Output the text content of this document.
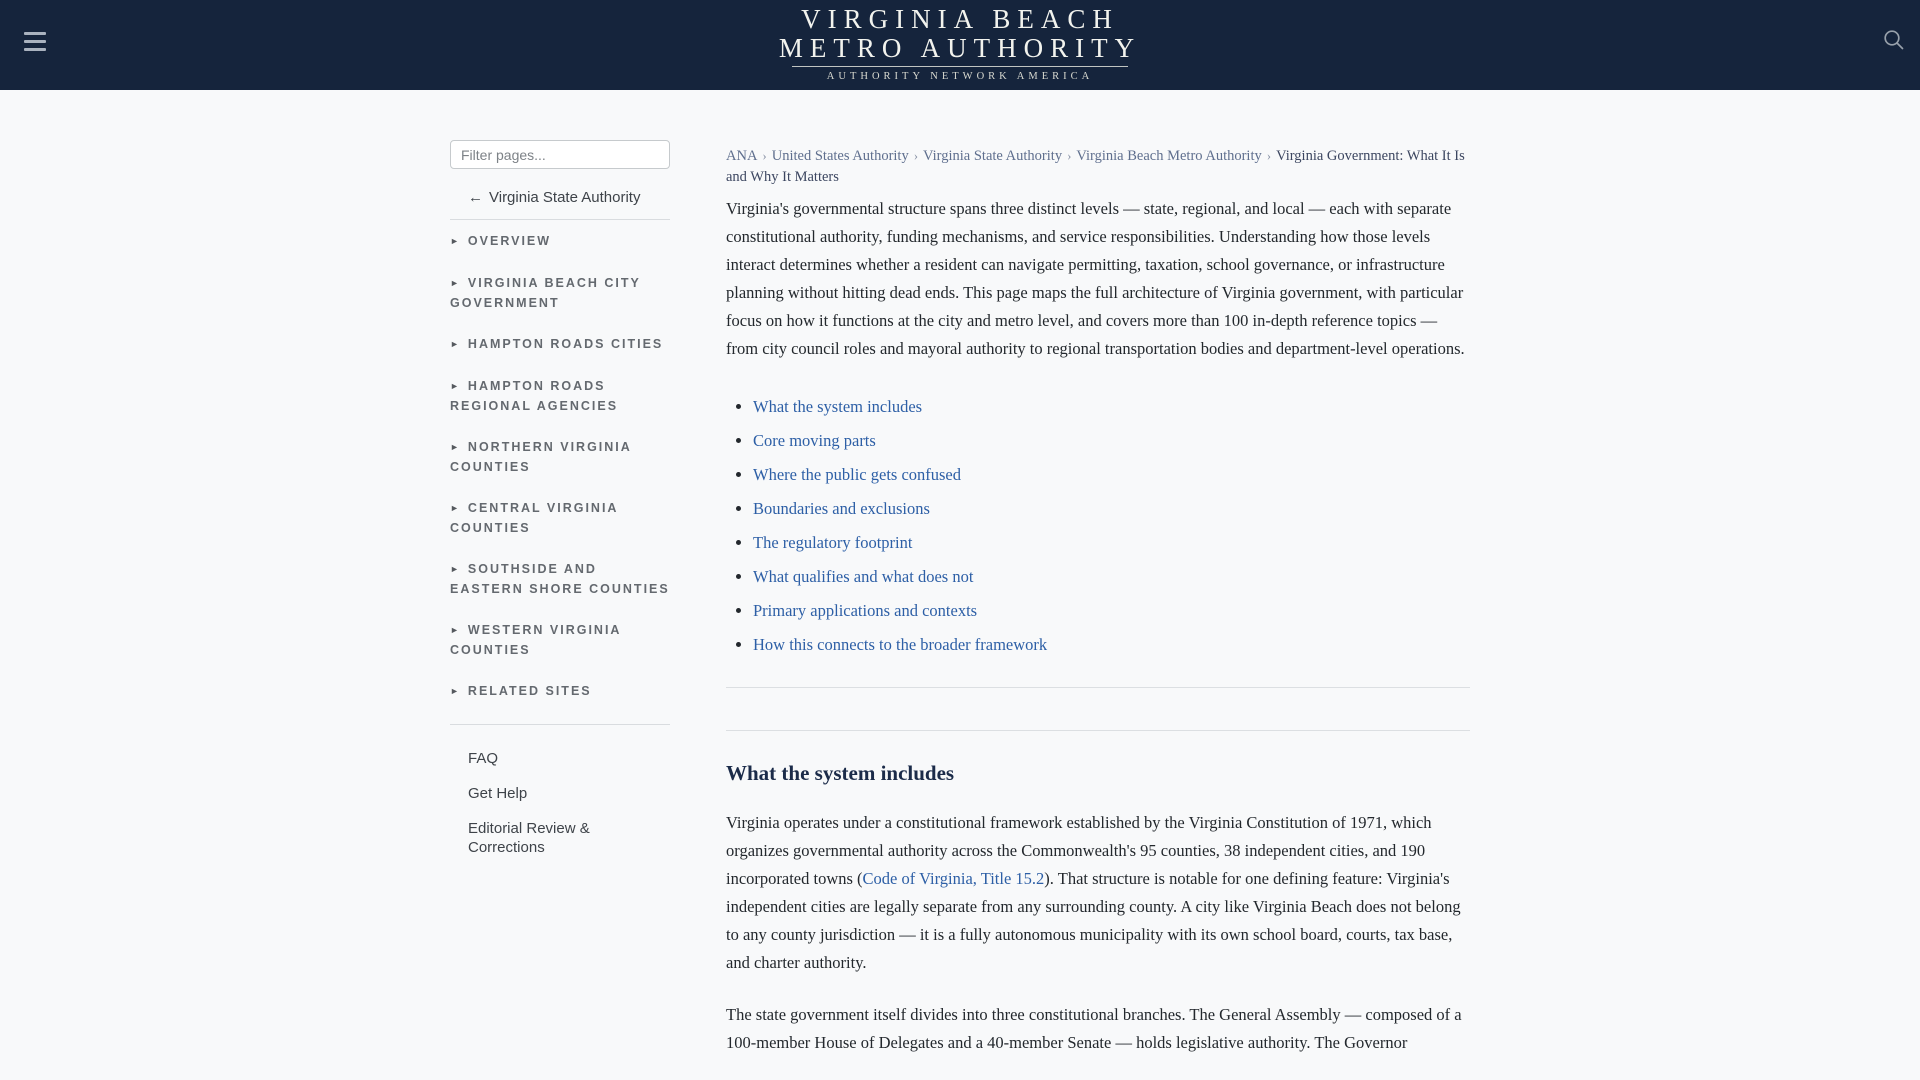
VIRGINIA BEACH
METRO AUTHORITY
AUTHORITY NETWORK AMERICA
Filter pages...
← Virginia State Authority
► OVERVIEW
► VIRGINIA BEACH CITY GOVERNMENT
► HAMPTON ROADS CITIES
► HAMPTON ROADS REGIONAL AGENCIES
► NORTHERN VIRGINIA COUNTIES
► CENTRAL VIRGINIA COUNTIES
► SOUTHSIDE AND EASTERN SHORE COUNTIES
► WESTERN VIRGINIA COUNTIES
► RELATED SITES
FAQ
Get Help
Editorial Review & Corrections
ANA › United States Authority › Virginia State Authority › Virginia Beach Metro Authority › Virginia Government: What It Is and Why It Matters

Virginia's governmental structure spans three distinct levels — state, regional, and local — each with separate constitutional authority, funding mechanisms, and service responsibilities. Understanding how those levels interact determines whether a resident can navigate permitting, taxation, school governance, or infrastructure planning without hitting dead ends. This page maps the full architecture of Virginia government, with particular focus on how it functions at the city and metro level, and covers more than 100 in-depth reference topics — from city council roles and mayoral authority to regional transportation bodies and department-level operations.

• What the system includes
• Core moving parts
• Where the public gets confused
• Boundaries and exclusions
• The regulatory footprint
• What qualifies and what does not
• Primary applications and contexts
• How this connects to the broader framework
What the system includes

Virginia operates under a constitutional framework established by the Virginia Constitution of 1971, which organizes governmental authority across the Commonwealth's 95 counties, 38 independent cities, and 190 incorporated towns (Code of Virginia, Title 15.2). That structure is notable for one defining feature: Virginia's independent cities are legally separate from any surrounding county. A city like Virginia Beach does not belong to any county jurisdiction — it is a fully autonomous municipality with its own school board, courts, tax base, and charter authority.

The state government itself divides into three constitutional branches. The General Assembly — composed of a 100-member House of Delegates and a 40-member Senate — holds legislative authority. The Governor
